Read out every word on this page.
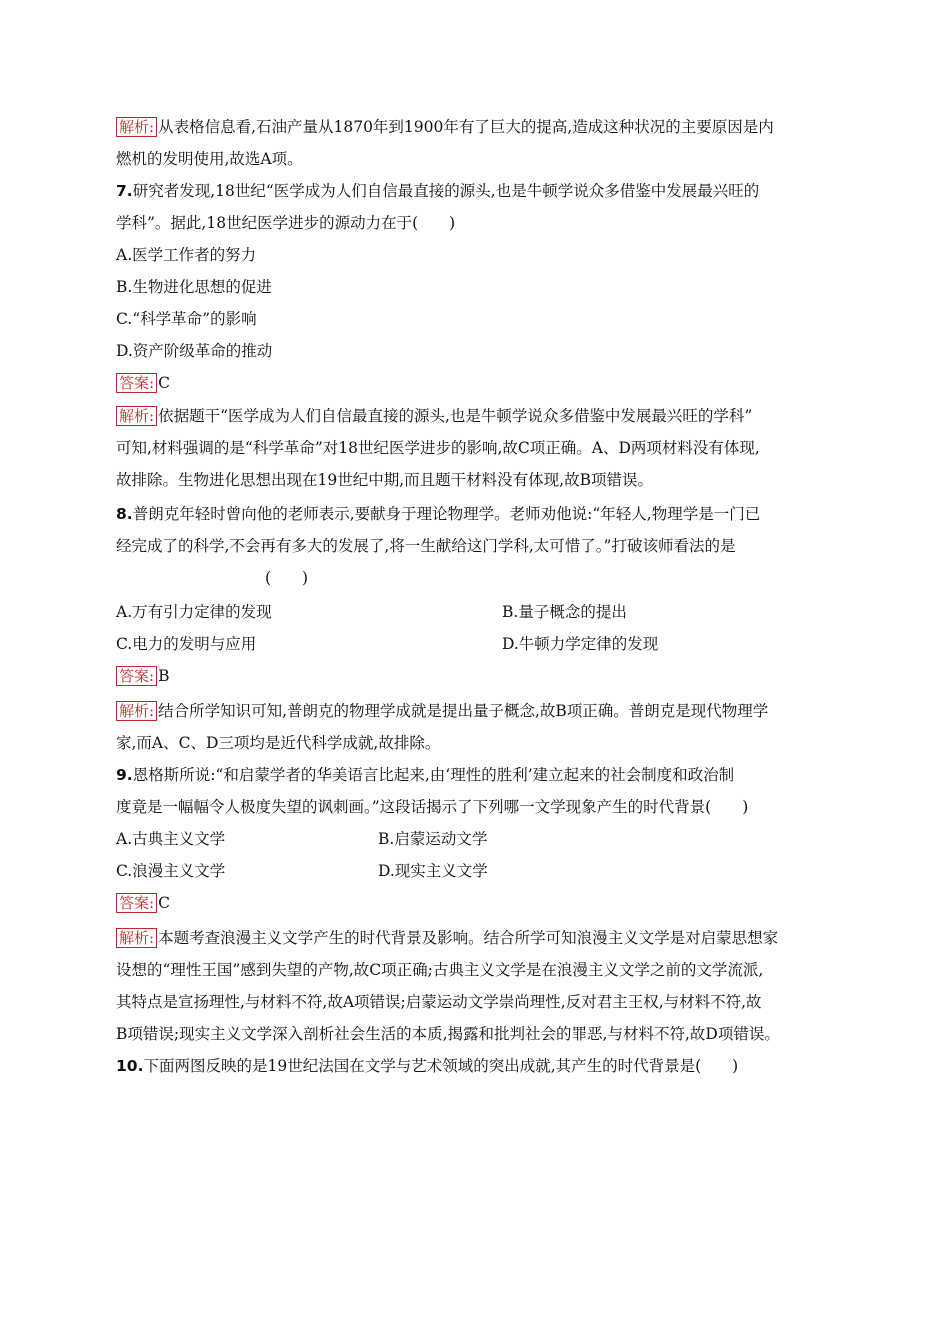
解析: 从表格信息看,石油产量从1870年到1900年有了巨大的提高,造成这种状况的主要原因是内
燃机的发明使用,故选A项。
7.研究者发现,18世纪“医学成为人们自信最直接的源头,也是牛顿学说众多借鉴中发展最兴旺的
学科”。据此,18世纪医学进步的源动力在于(　　)
A.医学工作者的努力
B.生物进化思想的促进
C.“科学革命”的影响
D.资产阶级革命的推动
答案: C
解析: 依据题干“医学成为人们自信最直接的源头,也是牛顿学说众多借鉴中发展最兴旺的学科”
可知,材料强调的是“科学革命”对18世纪医学进步的影响,故C项正确。A、D两项材料没有体现,
故排除。生物进化思想出现在19世纪中期,而且题干材料没有体现,故B项错误。
8.普朗克年轻时曾向他的老师表示,要献身于理论物理学。老师劝他说:“年轻人,物理学是一门已
经完成了的科学,不会再有多大的发展了,将一生献给这门学科,太可惜了。”打破该师看法的是
(　　)
A.万有引力定律的发现	B.量子概念的提出
C.电力的发明与应用	D.牛顿力学定律的发现
答案: B
解析: 结合所学知识可知,普朗克的物理学成就是提出量子概念,故B项正确。普朗克是现代物理学
家,而A、C、D三项均是近代科学成就,故排除。
9.恩格斯所说:“和启蒙学者的华美语言比起来,由‘理性的胜利’建立起来的社会制度和政治制
度竟是一幅幅令人极度失望的讽刺画。”这段话揭示了下列哪一文学现象产生的时代背景(　　)
A.古典主义文学	B.启蒙运动文学
C.浪漫主义文学	D.现实主义文学
答案: C
解析: 本题考查浪漫主义文学产生的时代背景及影响。结合所学可知浪漫主义文学是对启蒙思想家
设想的“理性王国”感到失望的产物,故C项正确;古典主义文学是在浪漫主义文学之前的文学流派,
其特点是宣扬理性,与材料不符,故A项错误;启蒙运动文学崇尚理性,反对君主王权,与材料不符,故
B项错误;现实主义文学深入剖析社会生活的本质,揭露和批判社会的罪恶,与材料不符,故D项错误。
10.下面两图反映的是19世纪法国在文学与艺术领域的突出成就,其产生的时代背景是(　　)
